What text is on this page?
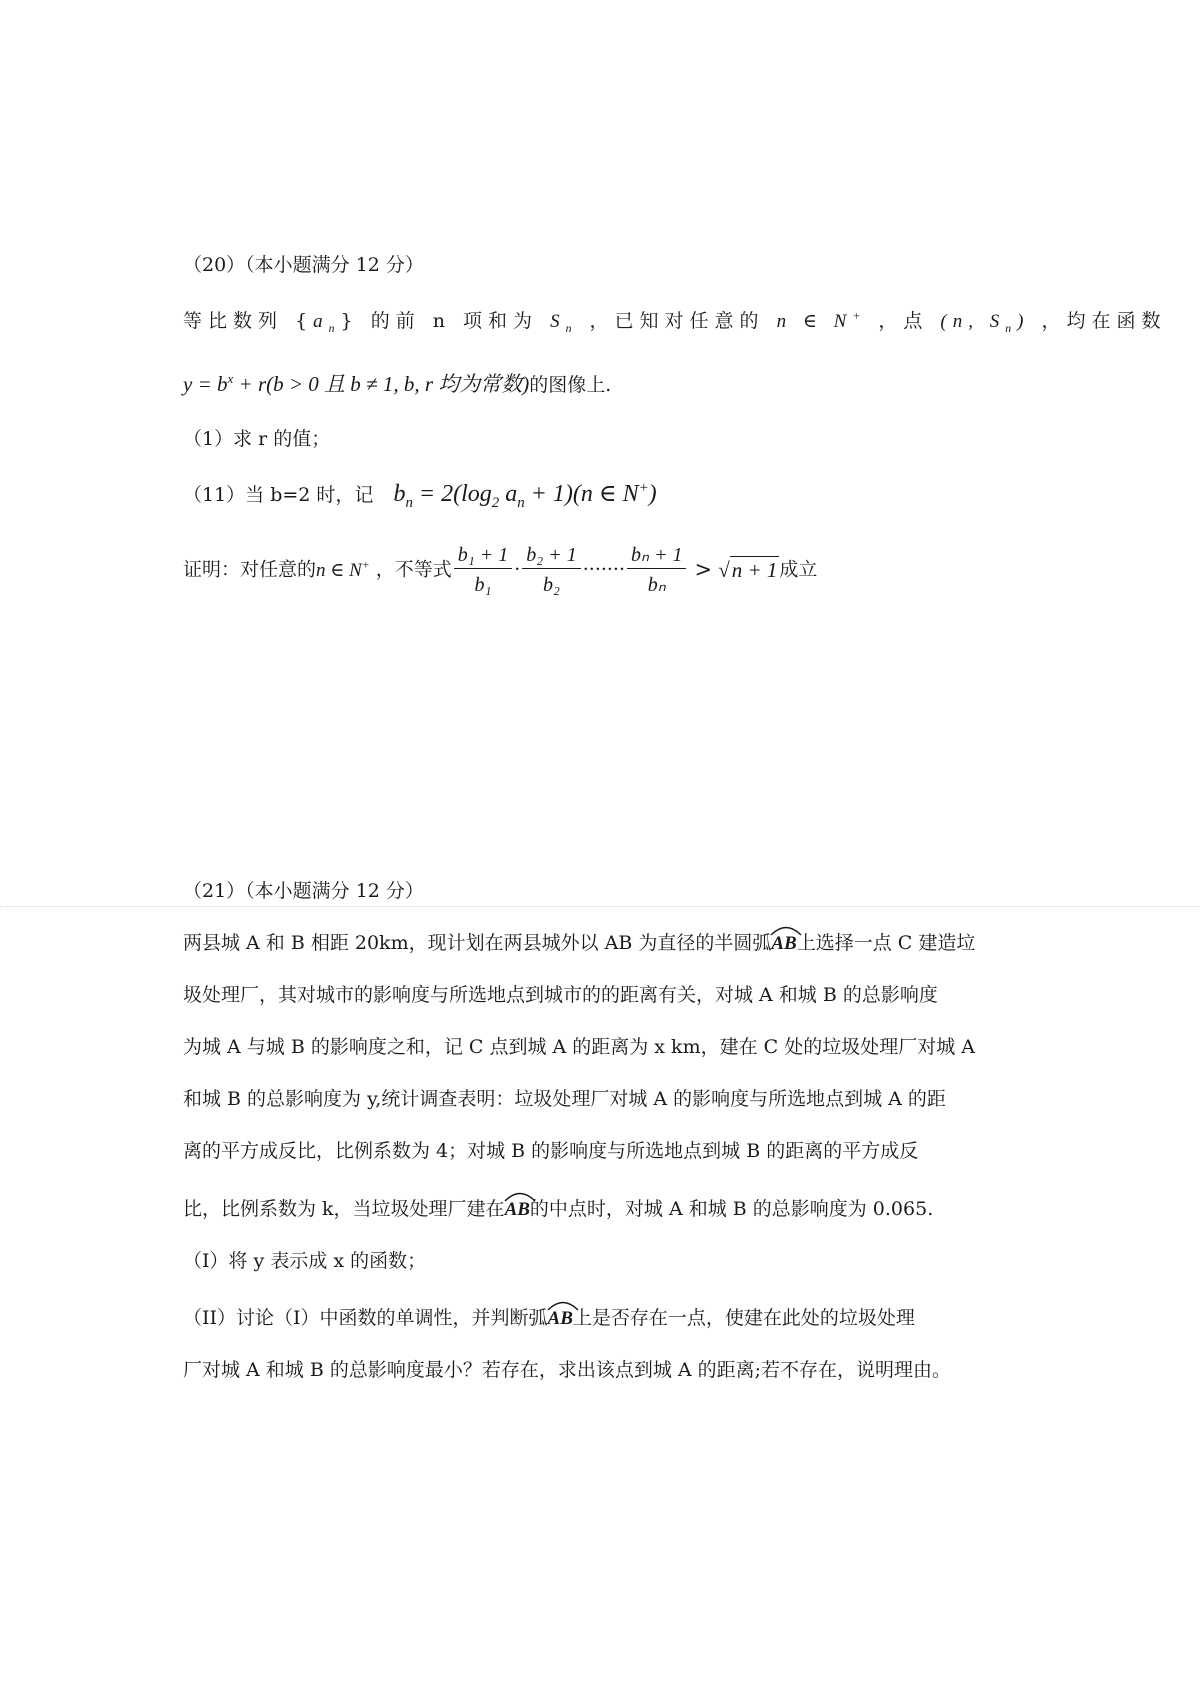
（20）（本小题满分 12 分）
等比数列 $\{a_n\}$ 的前 n 项和为 $S_n$ ，已知对任意的 n ∈ N+ ，点 (n, $S_n$) ，均在函数
$y = b^x + r(b > 0$ 且 b ≠ 1, b, r 均为常数)的图像上.
（1）求 r 的值；
（11）当 b=2 时，记 $b_n = 2(\log_2$ $a_n + 1)(n$ ∈ N+)
证明：对任意的n ∈ N+ ，不等式 $\frac{\text{b₁ + 1}}{\text{b₁}} \cdot \frac{\text{b₂ + 1}}{\text{b₂}}$ ······· $\frac{\text{bₙ + 1}}{\text{bₙ}} > √n + 1$ 成立
（21）（本小题满分 12 分）
两县城 A 和 B 相距 20km，现计划在两县城外以 AB 为直径的半圆弧
AB上选择一点 C 建造垃
圾处理厂，其对城市的影响度与所选地点到城市的的距离有关，对城 A 和城 B 的总影响度
为城 A 与城 B 的影响度之和，记 C 点到城 A 的距离为 x km，建在 C 处的垃圾处理厂对城 A
和城 B 的总影响度为 y,统计调查表明：垃圾处理厂对城 A 的影响度与所选地点到城 A 的距
离的平方成反比，比例系数为 4；对城 B 的影响度与所选地点到城 B 的距离的平方成反
比，比例系数为 k，当垃圾处理厂建在
AB的中点时，对城 A 和城 B 的总影响度为 0.065.
（I）将 y 表示成 x 的函数；
（II）讨论（I）中函数的单调性，并判断弧
AB上是否存在一点，使建在此处的垃圾处理
厂对城 A 和城 B 的总影响度最小？若存在，求出该点到城 A 的距离;若不存在，说明理由。
